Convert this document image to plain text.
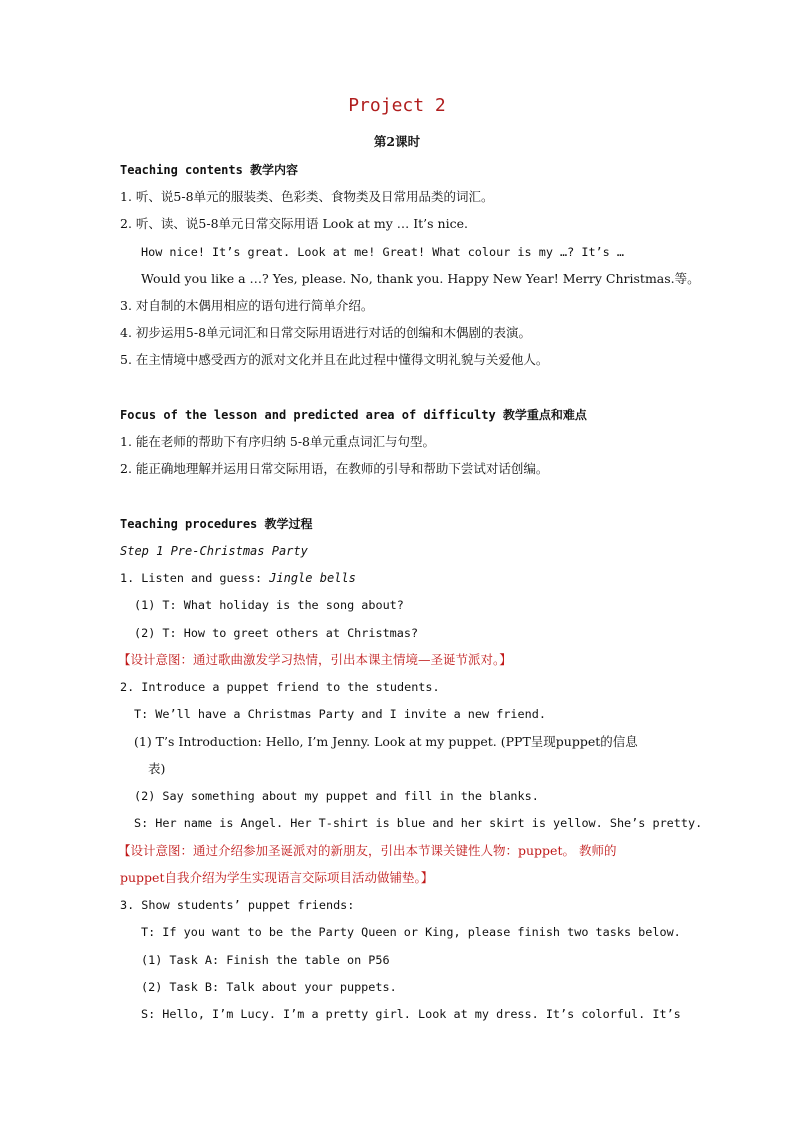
Project 2
第2课时
Teaching contents 教学内容
1. 听、说5-8单元的服装类、色彩类、食物类及日常用品类的词汇。
2. 听、读、说5-8单元日常交际用语 Look at my … It’s nice.
How nice! It’s great. Look at me! Great! What colour is my …? It’s …
Would you like a …? Yes, please. No, thank you. Happy New Year! Merry Christmas.等。
3. 对自制的木偶用相应的语句进行简单介绍。
4. 初步运用5-8单元词汇和日常交际用语进行对话的创编和木偶剧的表演。
5. 在主情境中感受西方的派对文化并且在此过程中懂得文明礼貌与关爱他人。
Focus of the lesson and predicted area of difficulty 教学重点和难点
1. 能在老师的帮助下有序归纳 5-8单元重点词汇与句型。
2. 能正确地理解并运用日常交际用语，在教师的引导和帮助下尝试对话创编。
Teaching procedures 教学过程
Step 1 Pre-Christmas Party
1. Listen and guess: Jingle bells
(1) T: What holiday is the song about?
(2) T: How to greet others at Christmas?
【设计意图：通过歌曲激发学习热情，引出本课主情境—圣诞节派对。】
2. Introduce a puppet friend to the students.
T: We’ll have a Christmas Party and I invite a new friend.
(1) T’s Introduction: Hello, I’m Jenny. Look at my puppet. (PPT呈现puppet的信息
表)
(2) Say something about my puppet and fill in the blanks.
S: Her name is Angel. Her T-shirt is blue and her skirt is yellow. She’s pretty.
【设计意图：通过介绍参加圣诞派对的新朋友，引出本节课关键性人物：puppet。 教师的
puppet自我介绍为学生实现语言交际项目活动做铺垫。】
3. Show students’ puppet friends:
T: If you want to be the Party Queen or King, please finish two tasks below.
(1) Task A: Finish the table on P56
(2) Task B: Talk about your puppets.
S: Hello, I’m Lucy. I’m a pretty girl. Look at my dress. It’s colorful. It’s
